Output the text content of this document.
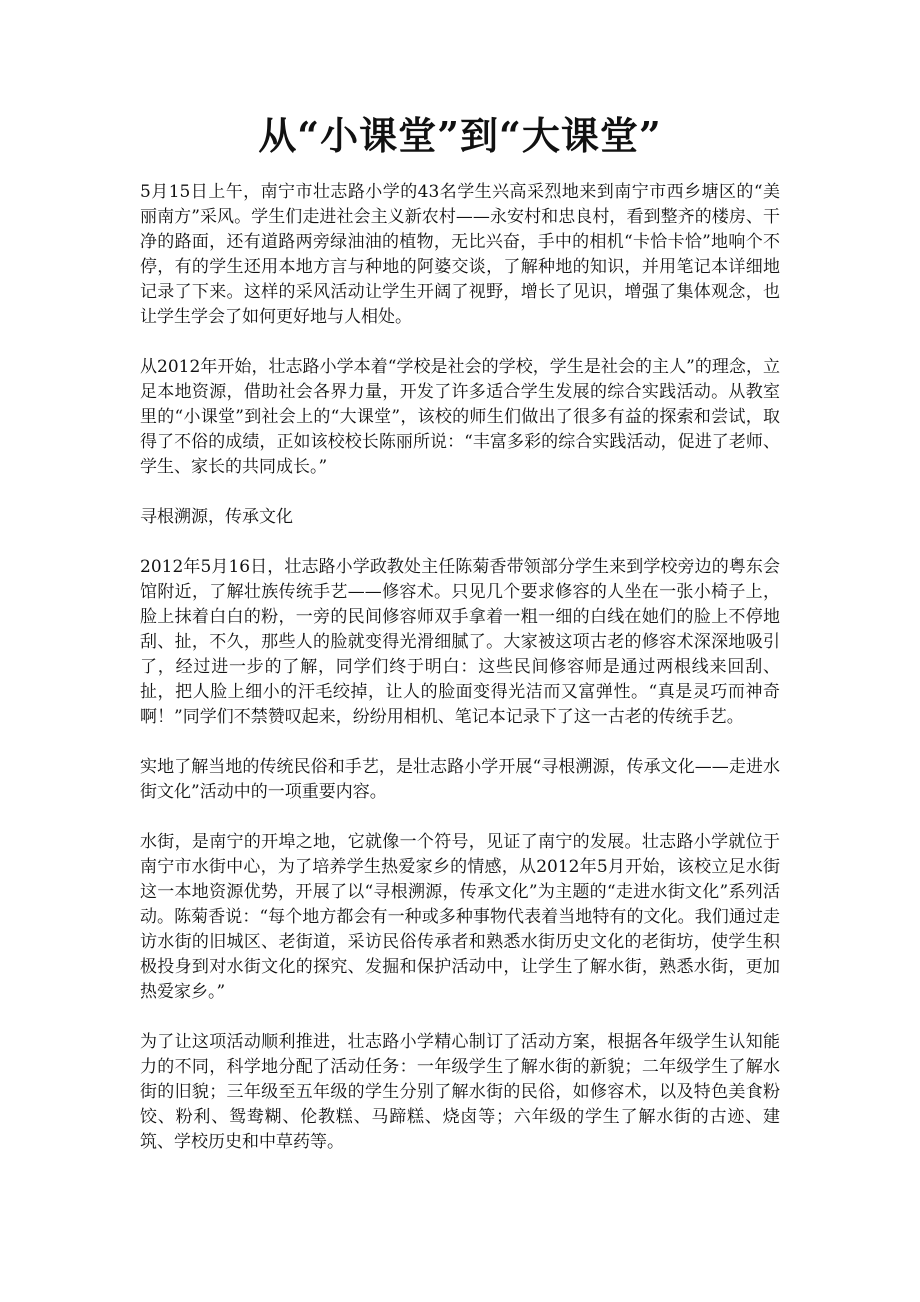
从“小课堂”到“大课堂”

5月15日上午，南宁市壮志路小学的43名学生兴高采烈地来到南宁市西乡塘区的“美丽南方”采风。学生们走进社会主义新农村——永安村和忠良村，看到整齐的楼房、干净的路面，还有道路两旁绿油油的植物，无比兴奋，手中的相机“卡恰卡恰”地响个不停，有的学生还用本地方言与种地的阿婆交谈，了解种地的知识，并用笔记本详细地记录了下来。这样的采风活动让学生开阔了视野，增长了见识，增强了集体观念，也让学生学会了如何更好地与人相处。

从2012年开始，壮志路小学本着“学校是社会的学校，学生是社会的主人”的理念，立足本地资源，借助社会各界力量，开发了许多适合学生发展的综合实践活动。从教室里的“小课堂”到社会上的“大课堂”，该校的师生们做出了很多有益的探索和尝试，取得了不俗的成绩，正如该校校长陈丽所说：“丰富多彩的综合实践活动，促进了老师、学生、家长的共同成长。”

寻根溯源，传承文化

2012年5月16日，壮志路小学政教处主任陈菊香带领部分学生来到学校旁边的粤东会馆附近，了解壮族传统手艺——修容术。只见几个要求修容的人坐在一张小椅子上，脸上抹着白白的粉，一旁的民间修容师双手拿着一粗一细的白线在她们的脸上不停地刮、扯，不久，那些人的脸就变得光滑细腻了。大家被这项古老的修容术深深地吸引了，经过进一步的了解，同学们终于明白：这些民间修容师是通过两根线来回刮、扯，把人脸上细小的汗毛绞掉，让人的脸面变得光洁而又富弹性。“真是灵巧而神奇啊！”同学们不禁赞叹起来，纷纷用相机、笔记本记录下了这一古老的传统手艺。

实地了解当地的传统民俗和手艺，是壮志路小学开展“寻根溯源，传承文化——走进水街文化”活动中的一项重要内容。

水街，是南宁的开埠之地，它就像一个符号，见证了南宁的发展。壮志路小学就位于南宁市水街中心，为了培养学生热爱家乡的情感，从2012年5月开始，该校立足水街这一本地资源优势，开展了以“寻根溯源，传承文化”为主题的“走进水街文化”系列活动。陈菊香说：“每个地方都会有一种或多种事物代表着当地特有的文化。我们通过走访水街的旧城区、老街道，采访民俗传承者和熟悉水街历史文化的老街坊，使学生积极投身到对水街文化的探究、发掘和保护活动中，让学生了解水街，熟悉水街，更加热爱家乡。”

为了让这项活动顺利推进，壮志路小学精心制订了活动方案，根据各年级学生认知能力的不同，科学地分配了活动任务：一年级学生了解水街的新貌；二年级学生了解水街的旧貌；三年级至五年级的学生分别了解水街的民俗，如修容术，以及特色美食粉饺、粉利、鸳鸯糊、伦教糕、马蹄糕、烧卤等；六年级的学生了解水街的古迹、建筑、学校历史和中草药等。
